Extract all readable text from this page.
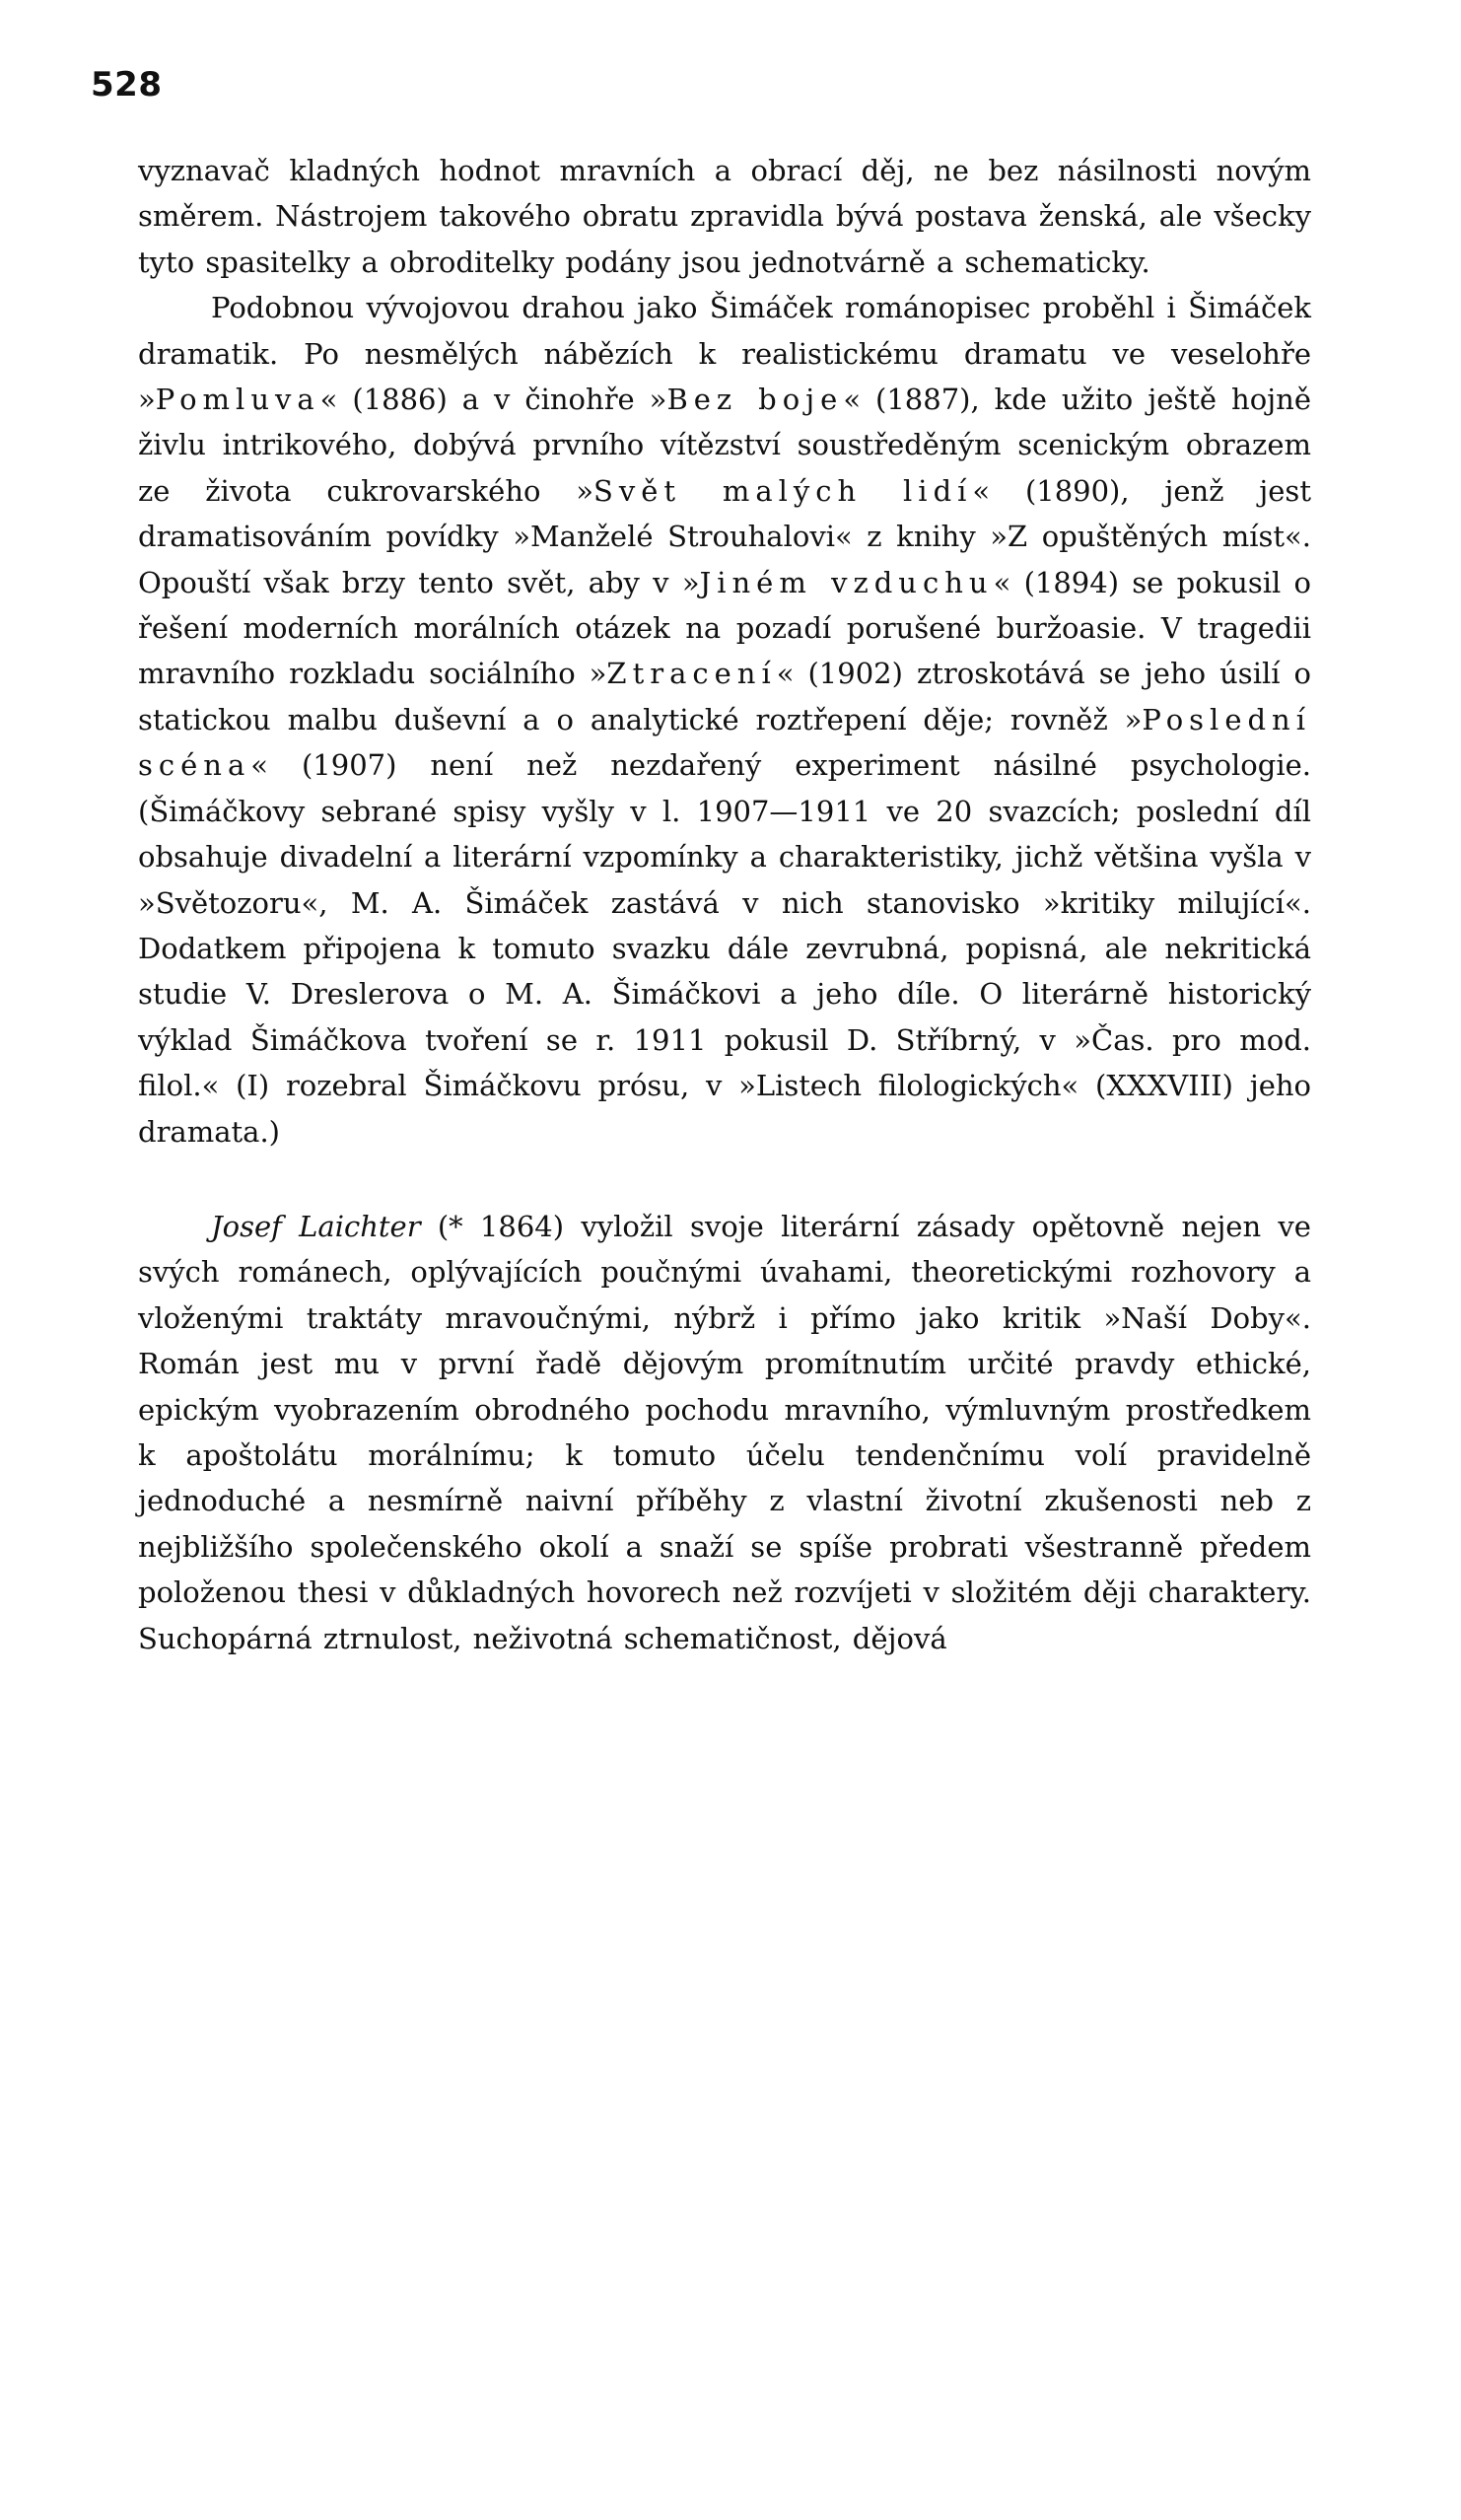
528

vyznavač kladných hodnot mravních a obrací děj, ne bez násilnosti novým směrem. Nástrojem takového obratu zpravidla bývá postava ženská, ale všecky tyto spasitelky a obroditelky podány jsou jednotvárně a schematicky.

Podobnou vývojovou drahou jako Šimáček románopisec proběhl i Šimáček dramatik. Po nesmělých nábězích k realistickému dramatu ve veselohře »Pomluva« (1886) a v činohře »Bez boje« (1887), kde užito ještě hojně živlu intrikového, dobývá prvního vítězství soustředěným scenickým obrazem ze života cukrovarského »Svět malých lidí« (1890), jenž jest dramatisováním povídky »Manželé Strouhalovi« z knihy »Z opuštěných míst«. Opouští však brzy tento svět, aby v »Jiném vzduchu« (1894) se pokusil o řešení moderních morálních otázek na pozadí porušené buržoasie. V tragedii mravního rozkladu sociálního »Ztracení« (1902) ztroskotává se jeho úsilí o statickou malbu duševní a o analytické roztřepení děje; rovněž »Poslední scéna« (1907) není než nezdařený experiment násilné psychologie. (Šimáčkovy sebrané spisy vyšly v l. 1907—1911 ve 20 svazcích; poslední díl obsahuje divadelní a literární vzpomínky a charakteristiky, jichž většina vyšla v »Světozoru«, M. A. Šimáček zastává v nich stanovisko »kritiky milující«. Dodatkem připojena k tomuto svazku dále zevrubná, popisná, ale nekritická studie V. Dreslerova o M. A. Šimáčkovi a jeho díle. O literárně historický výklad Šimáčkova tvoření se r. 1911 pokusil D. Stříbrný, v »Čas. pro mod. filol.« (I) rozebral Šimáčkovu prósu, v »Listech filologických« (XXXVIII) jeho dramata.)

Josef Laichter (* 1864) vyložil svoje literární zásady opětovně nejen ve svých románech, oplývajících poučnými úvahami, theoretickými rozhovory a vloženými traktáty mravoučnými, nýbrž i přímo jako kritik »Naší Doby«. Román jest mu v první řadě dějovým promítnutím určité pravdy ethické, epickým vyobrazením obrodného pochodu mravního, výmluvným prostředkem k apoštolátu morálnímu; k tomuto účelu tendenčnímu volí pravidelně jednoduché a nesmírně naivní příběhy z vlastní životní zkušenosti neb z nejbližšího společenského okolí a snaží se spíše probrati všestranně předem položenou thesi v důkladných hovorech než rozvíjeti v složitém ději charaktery. Suchopárná ztrnulost, neživotná schematičnost, dějová
